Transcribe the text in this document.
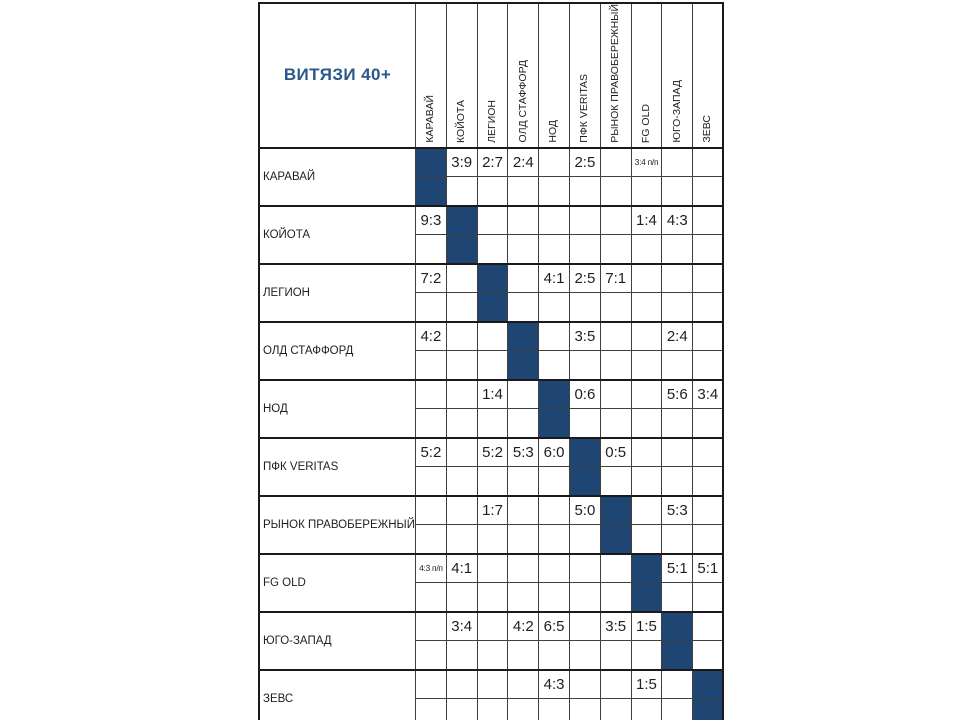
ВИТЯЗИ 40+	КАРАВАЙ	КОЙОТА	ЛЕГИОН	ОЛД СТАФФОРД	НОД	ПФК VERITAS	РЫНОК ПРАВОБЕРЕЖНЫЙ	FG OLD	ЮГО-ЗАПАД	ЗЕВС

КАРАВАЙ		3:9	2:7	2:4		2:5		3:4 п/п		

КОЙОТА	9:3							1:4	4:3	

ЛЕГИОН	7:2				4:1	2:5	7:1			

ОЛД СТАФФОРД	4:2					3:5			2:4	

НОД			1:4			0:6			5:6	3:4

ПФК VERITAS	5:2		5:2	5:3	6:0		0:5			

РЫНОК ПРАВОБЕРЕЖНЫЙ			1:7			5:0			5:3	

FG OLD	4:3 п/п	4:1							5:1	5:1

ЮГО-ЗАПАД		3:4		4:2	6:5		3:5	1:5		

ЗЕВС					4:3			1:5		
